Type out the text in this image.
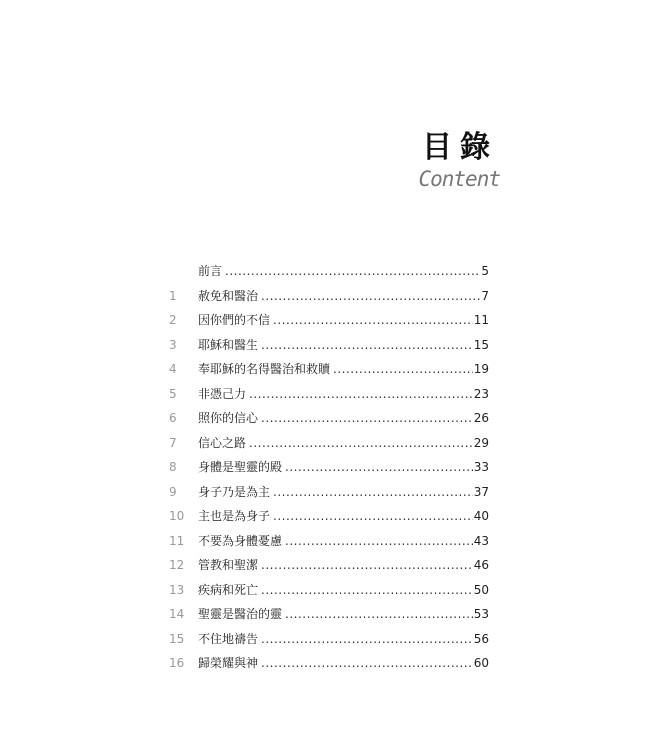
目錄
Content
前言 .....	5
1	赦免和醫治 .....	7
2	因你們的不信 .....	11
3	耶穌和醫生 .....	15
4	奉耶穌的名得醫治和救贖 .....	19
5	非憑己力 .....	23
6	照你的信心 .....	26
7	信心之路 .....	29
8	身體是聖靈的殿 .....	33
9	身子乃是為主 .....	37
10	主也是為身子 .....	40
11	不要為身體憂慮 .....	43
12	管教和聖潔 .....	46
13	疾病和死亡 .....	50
14	聖靈是醫治的靈 .....	53
15	不住地禱告 .....	56
16	歸榮耀與神 .....	60
